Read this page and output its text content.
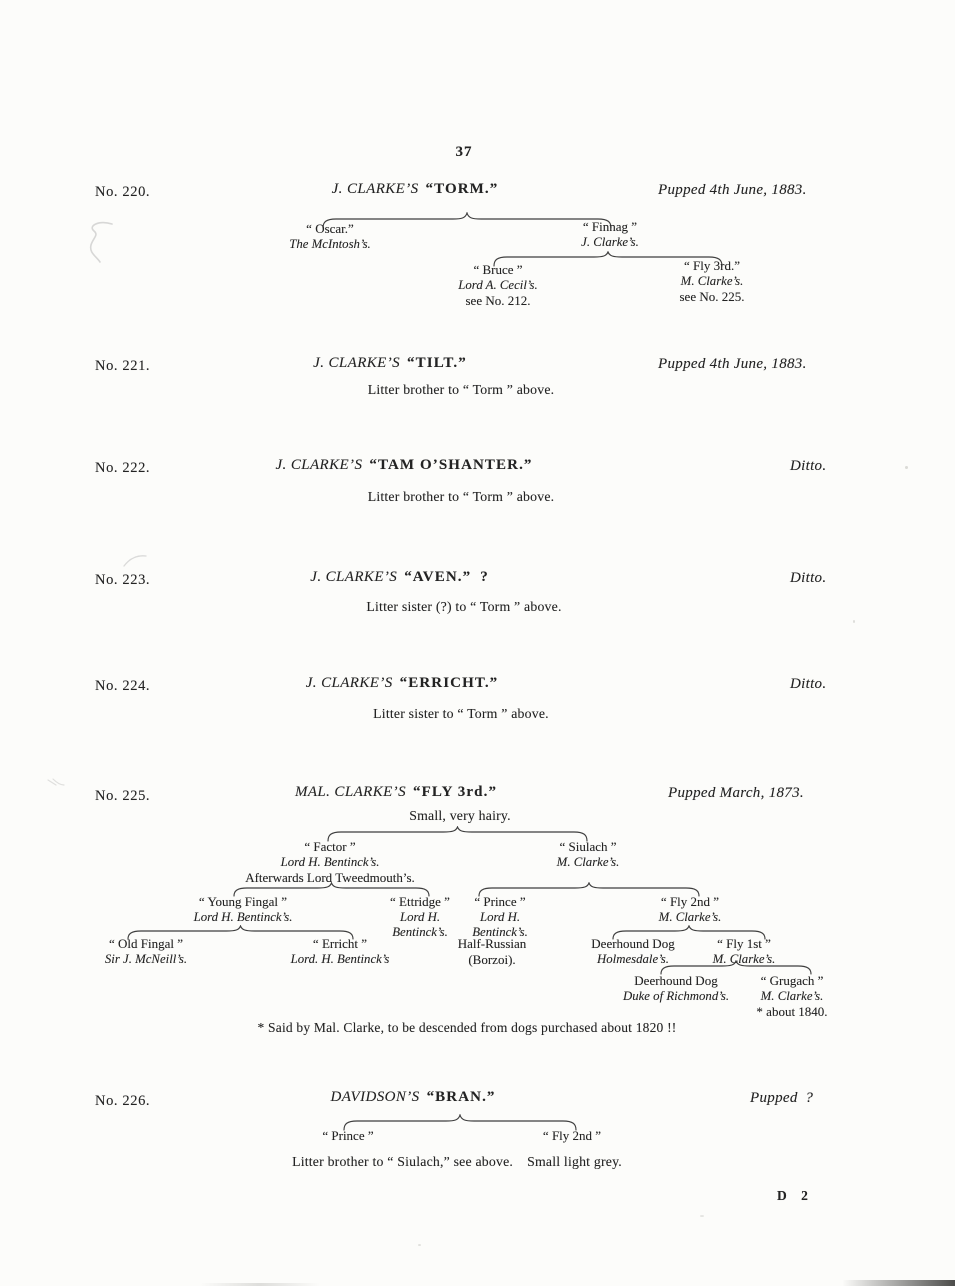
37
No. 220.	J. CLARKE’S “TORM.”	Pupped 4th June, 1883.
“ Oscar.”
The McIntosh’s.
“ Finnag ”
J. Clarke’s.
“ Bruce ”
Lord A. Cecil’s.
see No. 212.
“ Fly 3rd.”
M. Clarke’s.
see No. 225.
No. 221.	J. CLARKE’S “TILT.”	Pupped 4th June, 1883.
Litter brother to “ Torm ” above.
No. 222.	J. CLARKE’S “TAM O’SHANTER.”	Ditto.
Litter brother to “ Torm ” above.
No. 223.	J. CLARKE’S “AVEN.” ?	Ditto.
Litter sister (?) to “ Torm ” above.
No. 224.	J. CLARKE’S “ERRICHT.”	Ditto.
Litter sister to “ Torm ” above.
No. 225.	MAL. CLARKE’S “FLY 3rd.”	Pupped March, 1873.
Small, very hairy.
“ Factor ”
Lord H. Bentinck’s.
Afterwards Lord Tweedmouth’s.
“ Siulach ”
M. Clarke’s.
“ Young Fingal ”
Lord H. Bentinck’s.
“ Ettridge ”
Lord H.
Bentinck’s.
“ Prince ”
Lord H.
Bentinck’s.
“ Fly 2nd ”
M. Clarke’s.
“ Old Fingal ”
Sir J. McNeill’s.
“ Erricht ”
Lord. H. Bentinck’s
Half-Russian
(Borzoi).
Deerhound Dog
Holmesdale’s.
“ Fly 1st ”
M. Clarke’s.
Deerhound Dog
Duke of Richmond’s.
“ Grugach ”
M. Clarke’s.
* about 1840.
* Said by Mal. Clarke, to be descended from dogs purchased about 1820 !!
No. 226.	DAVIDSON’S “BRAN.”	Pupped ?
“ Prince ”	“ Fly 2nd ”
Litter brother to “ Siulach,” see above. Small light grey.
D 2
